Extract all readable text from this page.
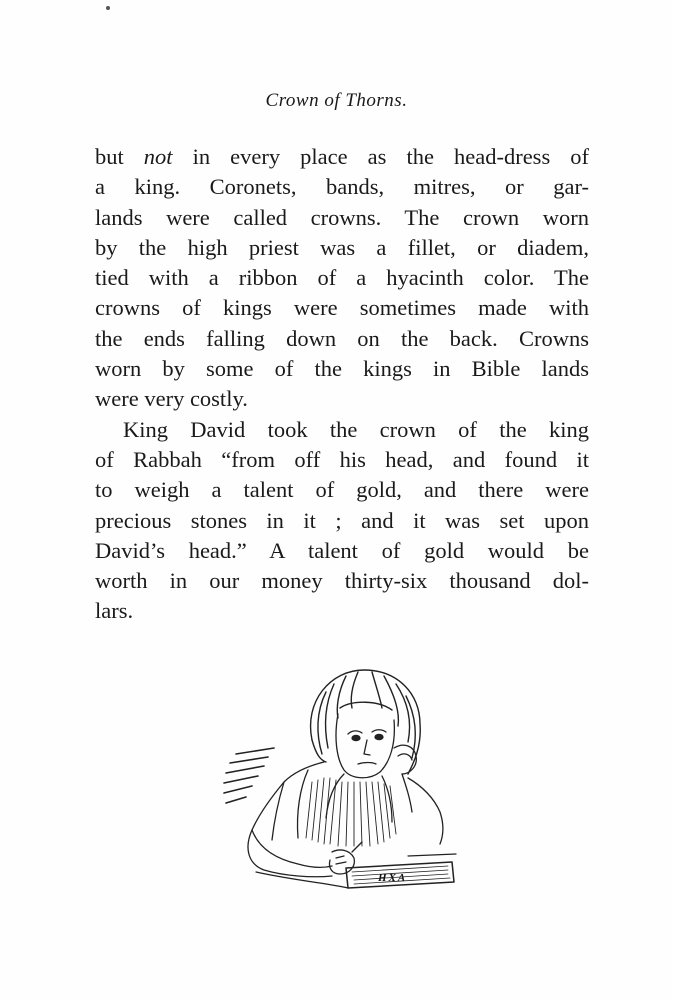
Crown of Thorns.
but not in every place as the head-dress of
a king. Coronets, bands, mitres, or gar-
lands were called crowns. The crown worn
by the high priest was a fillet, or diadem,
tied with a ribbon of a hyacinth color. The
crowns of kings were sometimes made with
the ends falling down on the back. Crowns
worn by some of the kings in Bible lands
were very costly.
King David took the crown of the king
of Rabbah “from off his head, and found it
to weigh a talent of gold, and there were
precious stones in it ; and it was set upon
David’s head.” A talent of gold would be
worth in our money thirty-six thousand dol-
lars.
HXA
